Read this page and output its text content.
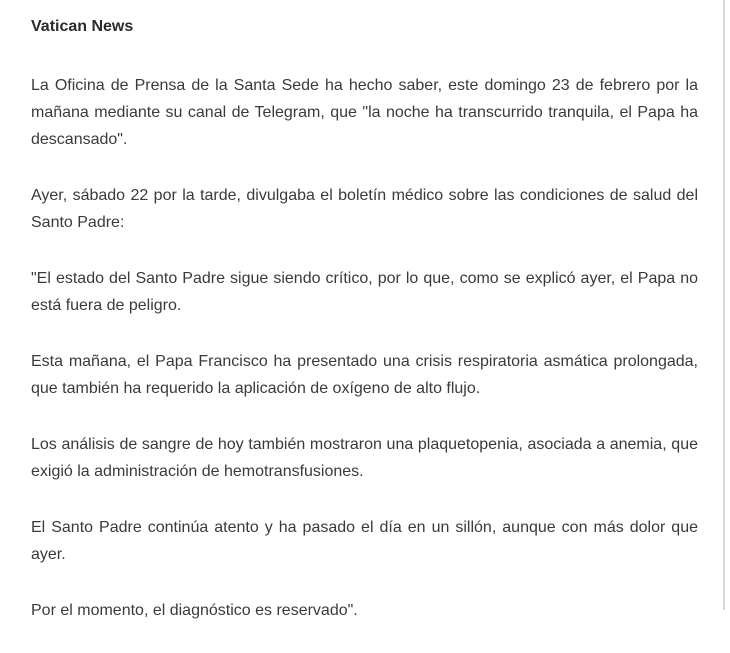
Vatican News

La Oficina de Prensa de la Santa Sede ha hecho saber, este domingo 23 de febrero por la mañana mediante su canal de Telegram, que "la noche ha transcurrido tranquila, el Papa ha descansado".

Ayer, sábado 22 por la tarde, divulgaba el boletín médico sobre las condiciones de salud del Santo Padre:

"El estado del Santo Padre sigue siendo crítico, por lo que, como se explicó ayer, el Papa no está fuera de peligro.

Esta mañana, el Papa Francisco ha presentado una crisis respiratoria asmática prolongada, que también ha requerido la aplicación de oxígeno de alto flujo.

Los análisis de sangre de hoy también mostraron una plaquetopenia, asociada a anemia, que exigió la administración de hemotransfusiones.

El Santo Padre continúa atento y ha pasado el día en un sillón, aunque con más dolor que ayer.

Por el momento, el diagnóstico es reservado".
